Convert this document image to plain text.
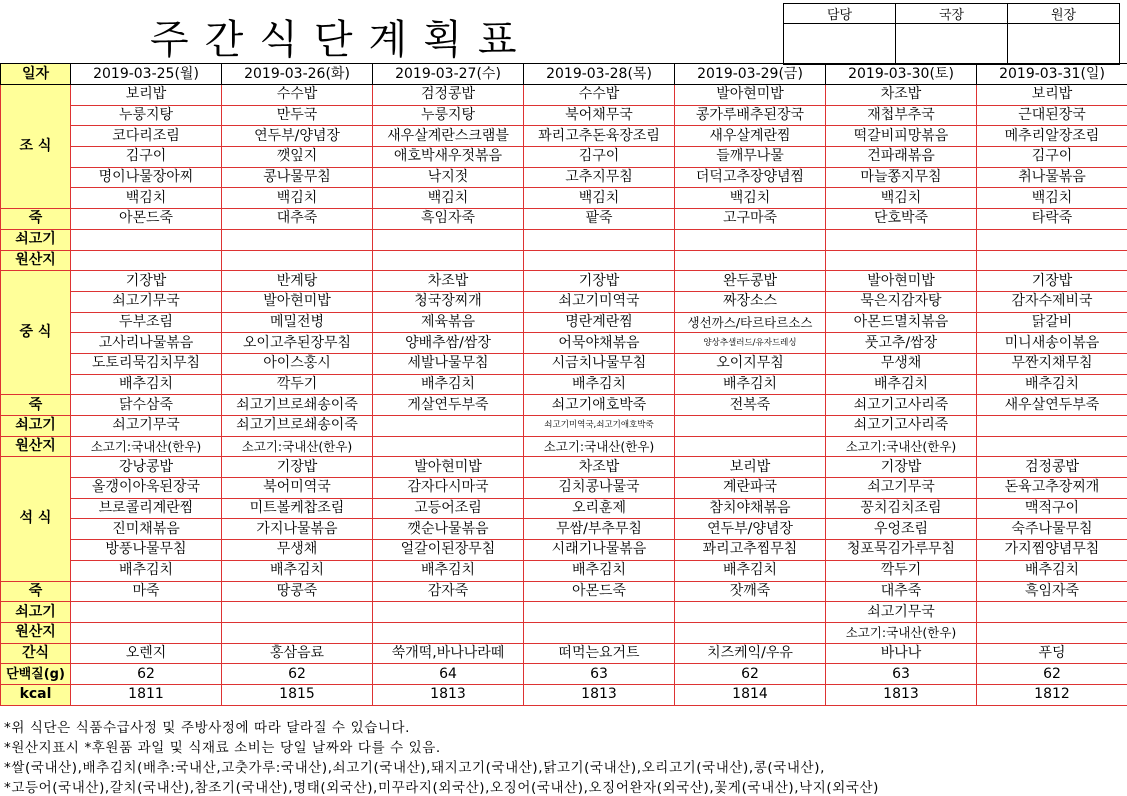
주간식단계획표
담당	국장	원장

일자	2019-03-25(월)	2019-03-26(화)	2019-03-27(수)	2019-03-28(목)	2019-03-29(금)	2019-03-30(토)	2019-03-31(일)
조 식	보리밥	수수밥	검정콩밥	수수밥	발아현미밥	차조밥	보리밥
	누룽지탕	만두국	누룽지탕	북어채무국	콩가루배추된장국	재첩부추국	근대된장국
	코다리조림	연두부/양념장	새우살계란스크램블	꽈리고추돈육장조림	새우살계란찜	떡갈비피망볶음	메추리알장조림
	김구이	깻잎지	애호박새우젓볶음	김구이	들깨무나물	건파래볶음	김구이
	명이나물장아찌	콩나물무침	낙지젓	고추지무침	더덕고추장양념찜	마늘쫑지무침	취나물볶음
	백김치	백김치	백김치	백김치	백김치	백김치	백김치
죽	아몬드죽	대추죽	흑임자죽	팥죽	고구마죽	단호박죽	타락죽
쇠고기							
원산지							
중 식	기장밥	반계탕	차조밥	기장밥	완두콩밥	발아현미밥	기장밥
	쇠고기무국	발아현미밥	청국장찌개	쇠고기미역국	짜장소스	묵은지감자탕	감자수제비국
	두부조림	메밀전병	제육볶음	명란계란찜	생선까스/타르타르소스	아몬드멸치볶음	닭갈비
	고사리나물볶음	오이고추된장무침	양배추쌈/쌈장	어묵야채볶음	양상추샐러드/유자드레싱	풋고추/쌈장	미니새송이볶음
	도토리묵김치무침	아이스홍시	세발나물무침	시금치나물무침	오이지무침	무생채	무짠지채무침
	배추김치	깍두기	배추김치	배추김치	배추김치	배추김치	배추김치
죽	닭수삼죽	쇠고기브로쇄송이죽	게살연두부죽	쇠고기애호박죽	전복죽	쇠고기고사리죽	새우살연두부죽
쇠고기	쇠고기무국	쇠고기브로쇄송이죽		쇠고기미역국,쇠고기애호박죽		쇠고기고사리죽	
원산지	소고기:국내산(한우)	소고기:국내산(한우)		소고기:국내산(한우)		소고기:국내산(한우)	
석 식	강낭콩밥	기장밥	발아현미밥	차조밥	보리밥	기장밥	검정콩밥
	올갱이아욱된장국	북어미역국	감자다시마국	김치콩나물국	계란파국	쇠고기무국	돈육고추장찌개
	브로콜리계란찜	미트볼케찹조림	고등어조림	오리훈제	참치야채볶음	꽁치김치조림	맥적구이
	진미채볶음	가지나물볶음	깻순나물볶음	무쌈/부추무침	연두부/양념장	우엉조림	숙주나물무침
	방풍나물무침	무생채	얼갈이된장무침	시래기나물볶음	꽈리고추찜무침	청포묵김가루무침	가지찜양념무침
	배추김치	배추김치	배추김치	배추김치	배추김치	깍두기	배추김치
죽	마죽	땅콩죽	감자죽	아몬드죽	잣깨죽	대추죽	흑임자죽
쇠고기						쇠고기무국	
원산지						소고기:국내산(한우)	
간식	오렌지	홍삼음료	쑥개떡,바나나라떼	떠먹는요거트	치즈케익/우유	바나나	푸딩
단백질(g)	62	62	64	63	62	63	62
kcal	1811	1815	1813	1813	1814	1813	1812
*위 식단은 식품수급사정 및 주방사정에 따라 달라질 수 있습니다.
*원산지표시 *후원품 과일 및 식재료 소비는 당일 날짜와 다를 수 있음.
*쌀(국내산),배추김치(배추:국내산,고춧가루:국내산),쇠고기(국내산),돼지고기(국내산),닭고기(국내산),오리고기(국내산),콩(국내산),
*고등어(국내산),갈치(국내산),참조기(국내산),명태(외국산),미꾸라지(외국산),오징어(국내산),오징어완자(외국산),꽃게(국내산),낙지(외국산)
